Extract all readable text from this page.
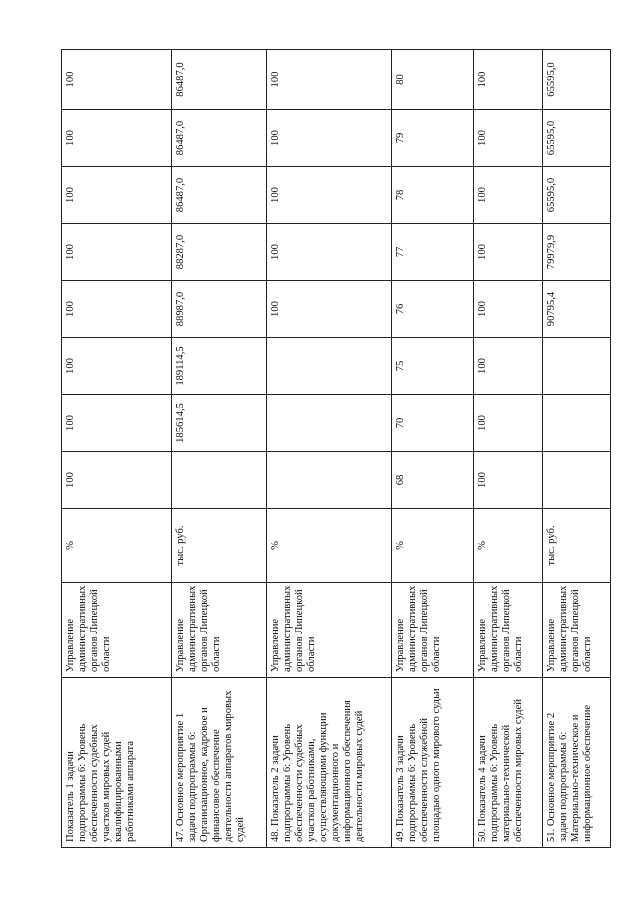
Показатель 1 задачи подпрограммы 6: Уровень обеспеченности судебных участков мировых судей квалифицированными работниками аппарата	Управление административных органов Липецкой области	%	100	100	100	100	100	100	100	100
47. Основное мероприятие 1 задачи подпрограммы 6: Организационное, кадровое и финансовое обеспечение деятельности аппаратов мировых судей	Управление административных органов Липецкой области	тыс. руб.		185614,5	189114,5	88987,0	88287,0	86487,0	86487,0	86487,0
48. Показатель 2 задачи подпрограммы 6: Уровень обеспеченности судебных участков работниками, осуществляющими функции документационного и информационного обеспечения деятельности мировых судей	Управление административных органов Липецкой области	%				100	100	100	100	100
49. Показатель 3 задачи подпрограммы 6: Уровень обеспеченности служебной площадью одного мирового судьи	Управление административных органов Липецкой области	%	68	70	75	76	77	78	79	80
50. Показатель 4 задачи подпрограммы 6: Уровень материально-технической обеспеченности мировых судей	Управление административных органов Липецкой области	%	100	100	100	100	100	100	100	100
51. Основное мероприятие 2 задачи подпрограммы 6: Материально-техническое и информационное обеспечение	Управление административных органов Липецкой области	тыс. руб.				90795,4	79979,9	65595,0	65595,0	65595,0
